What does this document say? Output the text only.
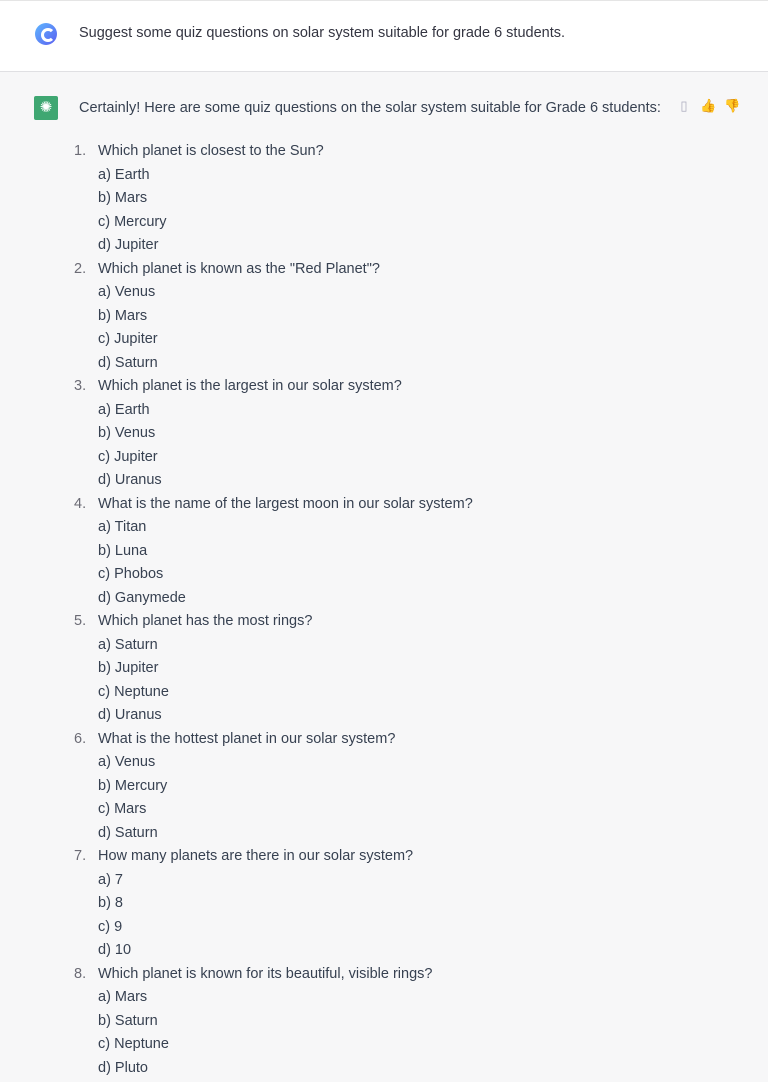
Suggest some quiz questions on solar system suitable for grade 6 students.
✺	Certainly! Here are some quiz questions on the solar system suitable for Grade 6 students:	▯ 👍 👎
1. Which planet is closest to the Sun?
a) Earth
b) Mars
c) Mercury
d) Jupiter
2. Which planet is known as the "Red Planet"?
a) Venus
b) Mars
c) Jupiter
d) Saturn
3. Which planet is the largest in our solar system?
a) Earth
b) Venus
c) Jupiter
d) Uranus
4. What is the name of the largest moon in our solar system?
a) Titan
b) Luna
c) Phobos
d) Ganymede
5. Which planet has the most rings?
a) Saturn
b) Jupiter
c) Neptune
d) Uranus
6. What is the hottest planet in our solar system?
a) Venus
b) Mercury
c) Mars
d) Saturn
7. How many planets are there in our solar system?
a) 7
b) 8
c) 9
d) 10
8. Which planet is known for its beautiful, visible rings?
a) Mars
b) Saturn
c) Neptune
d) Pluto
